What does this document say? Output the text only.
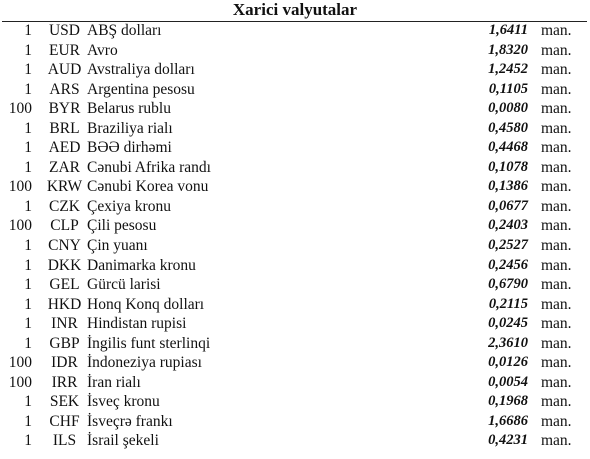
Xarici valyutalar
1	USD ABŞ dolları	1,6411 man.
1	EUR Avro	1,8320 man.
1	AUD Avstraliya dolları	1,2452 man.
1	ARS Argentina pesosu	0,1105 man.
100	BYR Belarus rublu	0,0080 man.
1	BRL Braziliya rialı	0,4580 man.
1	AED BƏƏ dirhəmi	0,4468 man.
1	ZAR Cənubi Afrika randı	0,1078 man.
100 KRW Cənubi Korea vonu	0,1386 man.
1	CZK Çexiya kronu	0,0677 man.
100	CLP Çili pesosu	0,2403 man.
1	CNY Çin yuanı	0,2527 man.
1	DKK Danimarka kronu	0,2456 man.
1	GEL Gürcü larisi	0,6790 man.
1	HKD Honq Konq dolları	0,2115 man.
1	INR Hindistan rupisi	0,0245 man.
1	GBP İngilis funt sterlinqi	2,3610 man.
100	IDR İndoneziya rupiası	0,0126 man.
100	IRR İran rialı	0,0054 man.
1	SEK İsveç kronu	0,1968 man.
1	CHF İsveçrə frankı	1,6686 man.
1	ILS İsrail şekeli	0,4231 man.
